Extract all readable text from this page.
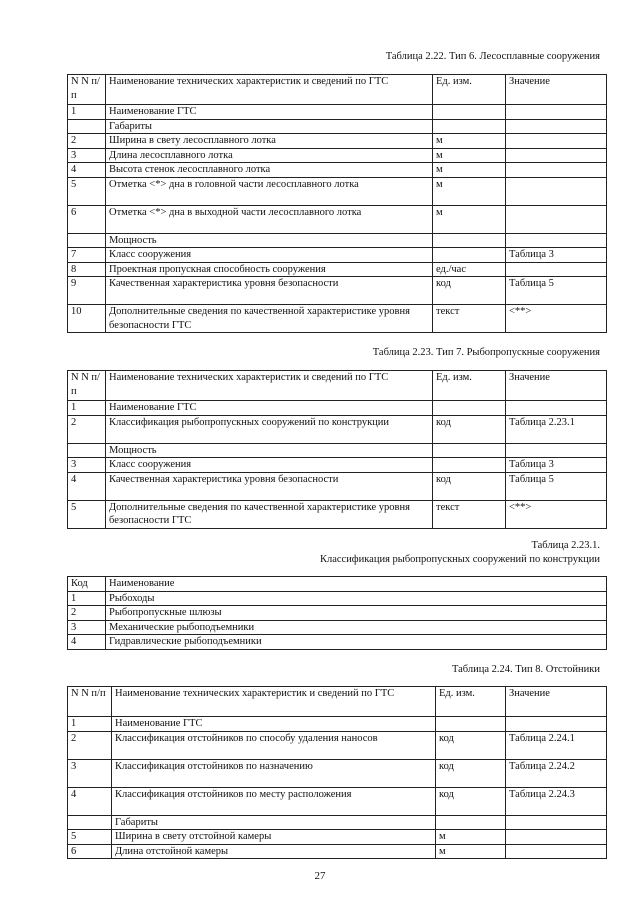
Таблица 2.22. Тип 6. Лесосплавные сооружения
N N п/п	Наименование технических характеристик и сведений по ГТС	Ед. изм.	Значение
1	Наименование ГТС		
	Габариты		
2	Ширина в свету лесосплавного лотка	м	
3	Длина лесосплавного лотка	м	
4	Высота стенок лесосплавного лотка	м	
5	Отметка <*> дна в головной части лесосплавного лотка	м	
6	Отметка <*> дна в выходной части лесосплавного лотка	м	
	Мощность		
7	Класс сооружения		Таблица 3
8	Проектная пропускная способность сооружения	ед./час	
9	Качественная характеристика уровня безопасности	код	Таблица 5
10	Дополнительные сведения по качественной характеристике уровня безопасности ГТС	текст	<**>
Таблица 2.23. Тип 7. Рыбопропускные сооружения
N N п/п	Наименование технических характеристик и сведений по ГТС	Ед. изм.	Значение
1	Наименование ГТС		
2	Классификация рыбопропускных сооружений по конструкции	код	Таблица 2.23.1
	Мощность		
3	Класс сооружения		Таблица 3
4	Качественная характеристика уровня безопасности	код	Таблица 5
5	Дополнительные сведения по качественной характеристике уровня безопасности ГТС	текст	<**>
Таблица 2.23.1.
Классификация рыбопропускных сооружений по конструкции
Код	Наименование
1	Рыбоходы
2	Рыбопропускные шлюзы
3	Механические рыбоподъемники
4	Гидравлические рыбоподъемники
Таблица 2.24. Тип 8. Отстойники
N N п/п	Наименование технических характеристик и сведений по ГТС	Ед. изм.	Значение
1	Наименование ГТС		
2	Классификация отстойников по способу удаления наносов	код	Таблица 2.24.1
3	Классификация отстойников по назначению	код	Таблица 2.24.2
4	Классификация отстойников по месту расположения	код	Таблица 2.24.3
	Габариты		
5	Ширина в свету отстойной камеры	м	
6	Длина отстойной камеры	м	
27
